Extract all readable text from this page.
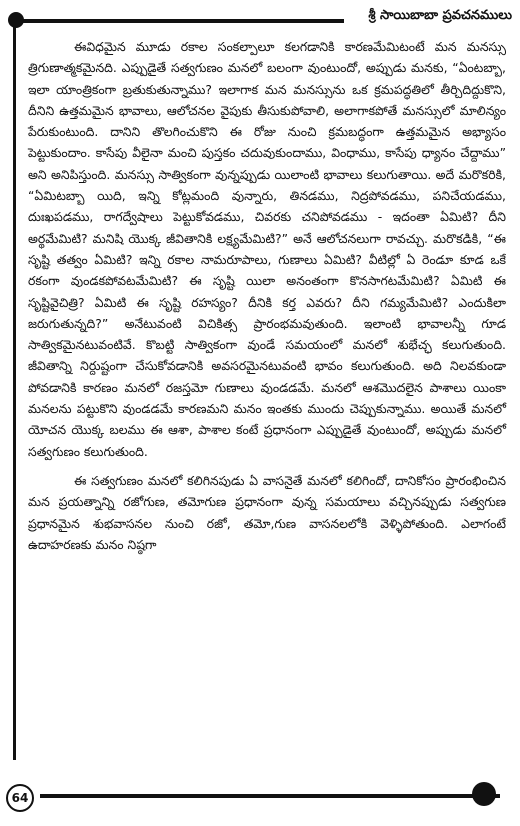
శ్రీ సాయిబాబా ప్రవచనములు

ఈవిధమైన మూడు రకాల సంకల్పాలూ కలగడానికి కారణమేమిటంటే మన మనస్సు త్రిగుణాత్మకమైనది. ఎప్పుడైతే సత్వగుణం మనలో బలంగా వుంటుందో, అప్పుడు మనకు, “ఏంటబ్బా, ఇలా యాంత్రికంగా బ్రతుకుతున్నాము? ఇలాగాక మన మనస్సును ఒక క్రమపద్ధతిలో తీర్చిదిద్దుకొని, దీనిని ఉత్తమమైన భావాలు, ఆలోచనల వైపుకు తీసుకుపోవాలి, అలాగాకపోతే మనస్సులో మాలిన్యం పేరుకుంటుంది. దానిని తొలగించుకొని ఈ రోజు నుంచి క్రమబద్ధంగా ఉత్తమమైన అభ్యాసం పెట్టుకుందాం. కాసేపు వీలైనా మంచి పుస్తకం చదువుకుందాము, వింధాము, కాసేపు ధ్యానం చేద్దాము” అని అనిపిస్తుంది. మనస్సు సాత్వికంగా వున్నప్పుడు యిలాంటి భావాలు కలుగుతాయి. అదే మరొకరికి, “ఏమిటబ్బా యిది, ఇన్ని కోట్లమంది వున్నారు, తినడము, నిద్రపోవడము, పనిచేయడము, దుఃఖపడము, రాగద్వేషాలు పెట్టుకోవడము, చివరకు చనిపోవడము - ఇదంతా ఏమిటి? దీని అర్థమేమిటి? మనిషి యొక్క జీవితానికి లక్ష్యమేమిటి?” అనే ఆలోచనలుగా రావచ్చు. మరొకడికి, “ఈ సృష్టి తత్వం ఏమిటి? ఇన్ని రకాల నామరూపాలు, గుణాలు ఏమిటి? వీటిల్లో ఏ రెండూ కూడ ఒకే రకంగా వుండకపోవటమేమిటి? ఈ సృష్టి యిలా అనంతంగా కొనసాగటమేమిటి? ఏమిటి ఈ సృష్టివైచిత్రి? ఏమిటి ఈ సృష్టి రహస్యం? దీనికి కర్త ఎవరు? దీని గమ్యమేమిటి? ఎందుకిలా జరుగుతున్నది?” అనేటువంటి విచికిత్స ప్రారంభమవుతుంది. ఇలాంటి భావాలన్నీ గూడ సాత్వికమైనటువంటివే. కొబట్టి సాత్వికంగా వుండే సమయంలో మనలో శుభేచ్ఛ కలుగుతుంది. జీవితాన్ని నిర్దుష్టంగా చేసుకోవడానికి అవసరమైనటువంటి భావం కలుగుతుంది. అది నిలవకుండా పోవడానికి కారణం మనలో రజస్తమో గుణాలు వుండడమే. మనలో ఆశమొదలైన పాశాలు యింకా మనలను పట్టుకొని వుండడమే కారణమని మనం ఇంతకు ముందు చెప్పుకున్నాము. అయితే మనలో యోచన యొక్క బలము ఈ ఆశా, పాశాల కంటే ప్రధానంగా ఎప్పుడైతే వుంటుందో, అప్పుడు మనలో సత్వగుణం కలుగుతుంది.

ఈ సత్వగుణం మనలో కలిగినపుడు ఏ వాసనైతే మనలో కలిగిందో, దానికోసం ప్రారంభించిన మన ప్రయత్నాన్ని రజోగుణ, తమోగుణ ప్రధానంగా వున్న సమయాలు వచ్చినప్పుడు సత్వగుణ ప్రధానమైన శుభవాసనల నుంచి రజో, తమో,గుణ వాసనలలోకి వెళ్ళిపోతుంది. ఎలాగంటే ఉదాహరణకు మనం నిష్ఠగా

64
